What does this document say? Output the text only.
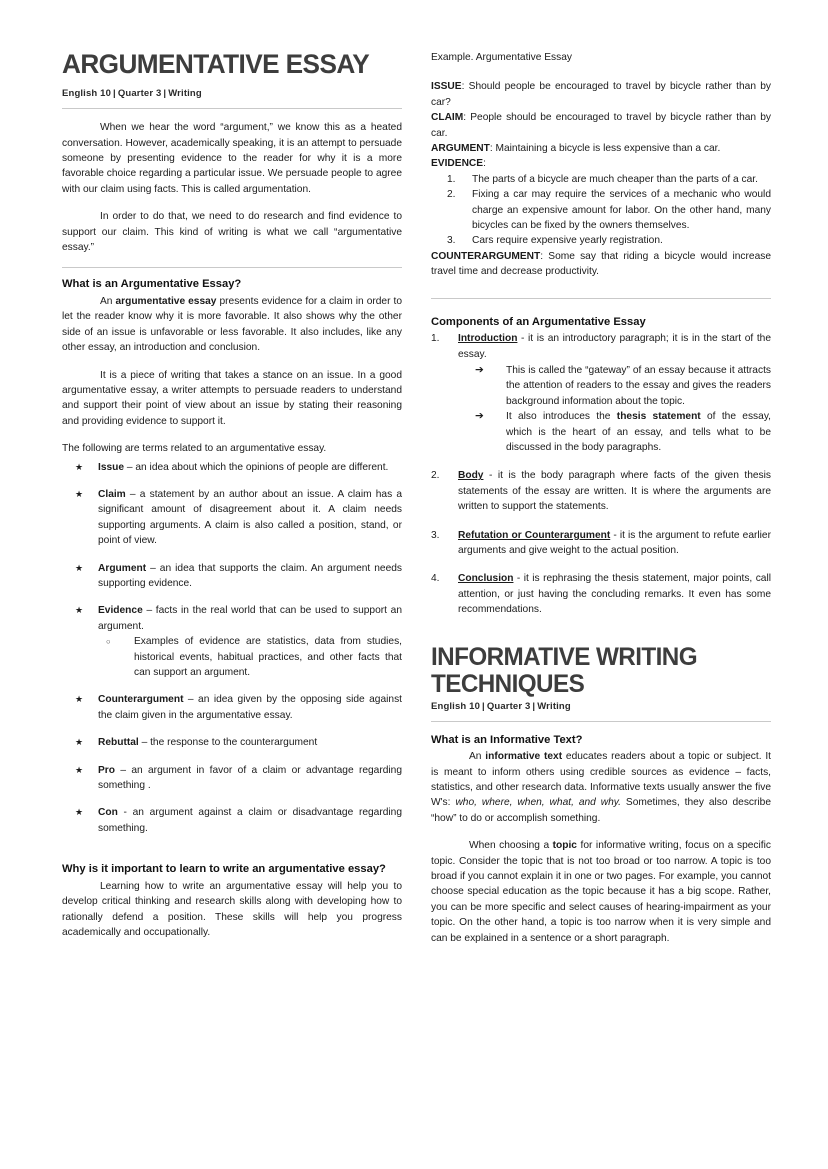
ARGUMENTATIVE ESSAY
English 10 | Quarter 3 | Writing

When we hear the word “argument,” we know this as a heated conversation. However, academically speaking, it is an attempt to persuade someone by presenting evidence to the reader for why it is a more favorable choice regarding a particular issue. We persuade people to agree with our claim using facts. This is called argumentation.

In order to do that, we need to do research and find evidence to support our claim. This kind of writing is what we call “argumentative essay.”

What is an Argumentative Essay?

An argumentative essay presents evidence for a claim in order to let the reader know why it is more favorable. It also shows why the other side of an issue is unfavorable or less favorable. It also includes, like any other essay, an introduction and conclusion.

It is a piece of writing that takes a stance on an issue. In a good argumentative essay, a writer attempts to persuade readers to understand and support their point of view about an issue by stating their reasoning and providing evidence to support it.

The following are terms related to an argumentative essay.

★ Issue – an idea about which the opinions of people are different.
★ Claim – a statement by an author about an issue. A claim has a significant amount of disagreement about it. A claim needs supporting arguments. A claim is also called a position, stand, or point of view.
★ Argument – an idea that supports the claim. An argument needs supporting evidence.
★ Evidence – facts in the real world that can be used to support an argument.
○ Examples of evidence are statistics, data from studies, historical events, habitual practices, and other facts that can support an argument.
★ Counterargument – an idea given by the opposing side against the claim given in the argumentative essay.
★ Rebuttal – the response to the counterargument
★ Pro – an argument in favor of a claim or advantage regarding something .
★ Con - an argument against a claim or disadvantage regarding something.
Why is it important to learn to write an argumentative essay?

Learning how to write an argumentative essay will help you to develop critical thinking and research skills along with developing how to rationally defend a position. These skills will help you progress academically and occupationally.

Example. Argumentative Essay

ISSUE: Should people be encouraged to travel by bicycle rather than by car?

CLAIM: People should be encouraged to travel by bicycle rather than by car.

ARGUMENT: Maintaining a bicycle is less expensive than a car.

EVIDENCE:

1. The parts of a bicycle are much cheaper than the parts of a car.
2. Fixing a car may require the services of a mechanic who would charge an expensive amount for labor. On the other hand, many bicycles can be fixed by the owners themselves.
3. Cars require expensive yearly registration.

COUNTERARGUMENT: Some say that riding a bicycle would increase travel time and decrease productivity.

Components of an Argumentative Essay
1. Introduction - it is an introductory paragraph; it is in the start of the essay.
➔ This is called the “gateway” of an essay because it attracts the attention of readers to the essay and gives the readers background information about the topic.
➔ It also introduces the thesis statement of the essay, which is the heart of an essay, and tells what to be discussed in the body paragraphs.
2. Body - it is the body paragraph where facts of the given thesis statements of the essay are written. It is where the arguments are written to support the statements.
3. Refutation or Counterargument - it is the argument to refute earlier arguments and give weight to the actual position.
4. Conclusion - it is rephrasing the thesis statement, major points, call attention, or just having the concluding remarks. It even has some recommendations.
INFORMATIVE WRITING TECHNIQUES
English 10 | Quarter 3 | Writing
What is an Informative Text?

An informative text educates readers about a topic or subject. It is meant to inform others using credible sources as evidence – facts, statistics, and other research data. Informative texts usually answer the five W's: who, where, when, what, and why. Sometimes, they also describe “how” to do or accomplish something.

When choosing a topic for informative writing, focus on a specific topic. Consider the topic that is not too broad or too narrow. A topic is too broad if you cannot explain it in one or two pages. For example, you cannot choose special education as the topic because it has a big scope. Rather, you can be more specific and select causes of hearing-impairment as your topic. On the other hand, a topic is too narrow when it is very simple and can be explained in a sentence or a short paragraph.
